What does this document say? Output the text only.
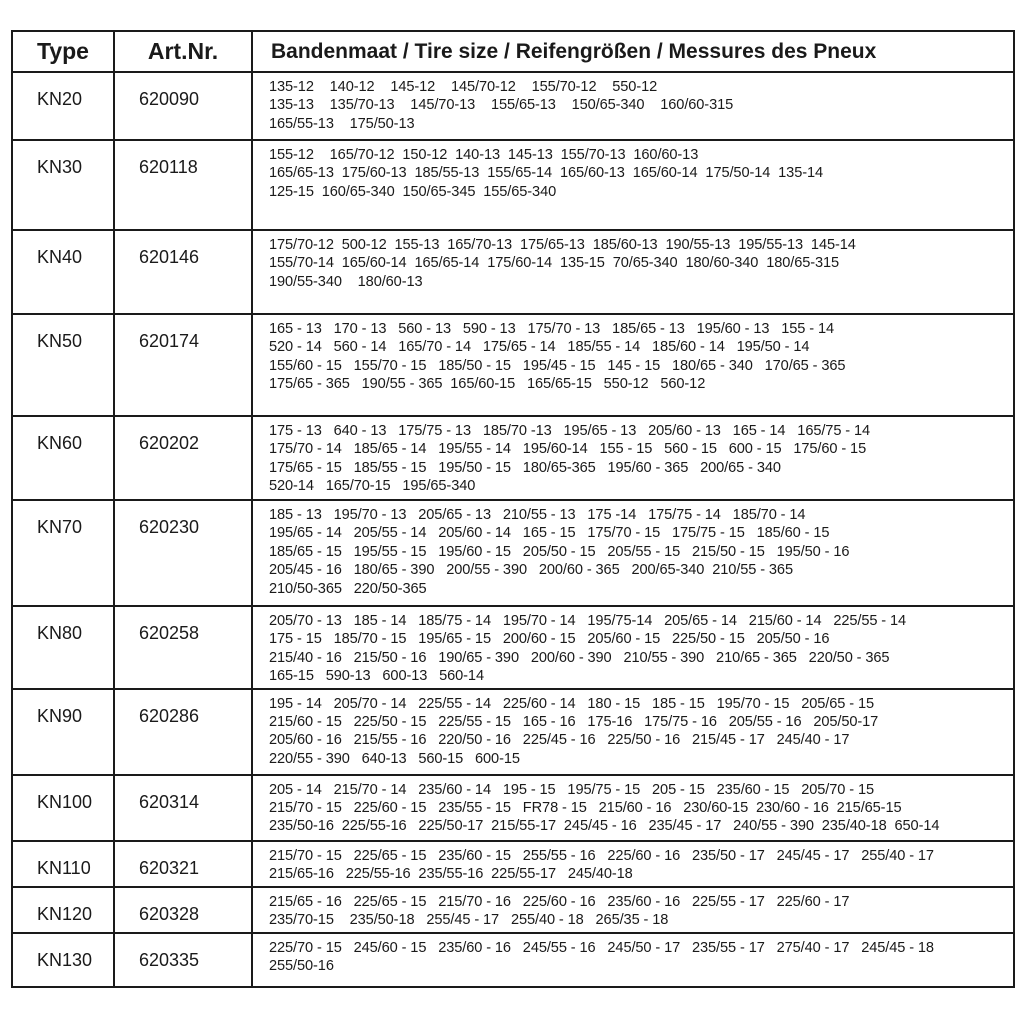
Type	Art.Nr.	Bandenmaat / Tire size / Reifengrößen / Messures des Pneux
KN20	620090	135-12    140-12    145-12    145/70-12    155/70-12    550-12
135-13    135/70-13    145/70-13    155/65-13    150/65-340    160/60-315
165/55-13    175/50-13

KN30	620118	155-12    165/70-12  150-12  140-13  145-13  155/70-13  160/60-13
165/65-13  175/60-13  185/55-13  155/65-14  165/60-13  165/60-14  175/50-14  135-14
125-15  160/65-340  150/65-345  155/65-340

KN40	620146	175/70-12  500-12  155-13  165/70-13  175/65-13  185/60-13  190/55-13  195/55-13  145-14
155/70-14  165/60-14  165/65-14  175/60-14  135-15  70/65-340  180/60-340  180/65-315
190/55-340    180/60-13

KN50	620174	165 - 13   170 - 13   560 - 13   590 - 13   175/70 - 13   185/65 - 13   195/60 - 13   155 - 14
520 - 14   560 - 14   165/70 - 14   175/65 - 14   185/55 - 14   185/60 - 14   195/50 - 14
155/60 - 15   155/70 - 15   185/50 - 15   195/45 - 15   145 - 15   180/65 - 340   170/65 - 365
175/65 - 365   190/55 - 365  165/60-15   165/65-15   550-12   560-12

KN60	620202	175 - 13   640 - 13   175/75 - 13   185/70 -13   195/65 - 13   205/60 - 13   165 - 14   165/75 - 14
175/70 - 14   185/65 - 14   195/55 - 14   195/60-14   155 - 15   560 - 15   600 - 15   175/60 - 15
175/65 - 15   185/55 - 15   195/50 - 15   180/65-365   195/60 - 365   200/65 - 340
520-14   165/70-15   195/65-340

KN70	620230	185 - 13   195/70 - 13   205/65 - 13   210/55 - 13   175 -14   175/75 - 14   185/70 - 14
195/65 - 14   205/55 - 14   205/60 - 14   165 - 15   175/70 - 15   175/75 - 15   185/60 - 15
185/65 - 15   195/55 - 15   195/60 - 15   205/50 - 15   205/55 - 15   215/50 - 15   195/50 - 16
205/45 - 16   180/65 - 390   200/55 - 390   200/60 - 365   200/65-340  210/55 - 365
210/50-365   220/50-365

KN80	620258	205/70 - 13   185 - 14   185/75 - 14   195/70 - 14   195/75-14   205/65 - 14   215/60 - 14   225/55 - 14
175 - 15   185/70 - 15   195/65 - 15   200/60 - 15   205/60 - 15   225/50 - 15   205/50 - 16
215/40 - 16   215/50 - 16   190/65 - 390   200/60 - 390   210/55 - 390   210/65 - 365   220/50 - 365
165-15   590-13   600-13   560-14

KN90	620286	195 - 14   205/70 - 14   225/55 - 14   225/60 - 14   180 - 15   185 - 15   195/70 - 15   205/65 - 15
215/60 - 15   225/50 - 15   225/55 - 15   165 - 16   175-16   175/75 - 16   205/55 - 16   205/50-17
205/60 - 16   215/55 - 16   220/50 - 16   225/45 - 16   225/50 - 16   215/45 - 17   245/40 - 17
220/55 - 390   640-13   560-15   600-15

KN100	620314	205 - 14   215/70 - 14   235/60 - 14   195 - 15   195/75 - 15   205 - 15   235/60 - 15   205/70 - 15
215/70 - 15   225/60 - 15   235/55 - 15   FR78 - 15   215/60 - 16   230/60-15  230/60 - 16  215/65-15
235/50-16  225/55-16   225/50-17  215/55-17  245/45 - 16   235/45 - 17   240/55 - 390  235/40-18  650-14

KN110	620321	215/70 - 15   225/65 - 15   235/60 - 15   255/55 - 16   225/60 - 16   235/50 - 17   245/45 - 17   255/40 - 17
215/65-16   225/55-16  235/55-16  225/55-17   245/40-18

KN120	620328	215/65 - 16   225/65 - 15   215/70 - 16   225/60 - 16   235/60 - 16   225/55 - 17   225/60 - 17
235/70-15    235/50-18   255/45 - 17   255/40 - 18   265/35 - 18

KN130	620335	225/70 - 15   245/60 - 15   235/60 - 16   245/55 - 16   245/50 - 17   235/55 - 17   275/40 - 17   245/45 - 18
255/50-16
